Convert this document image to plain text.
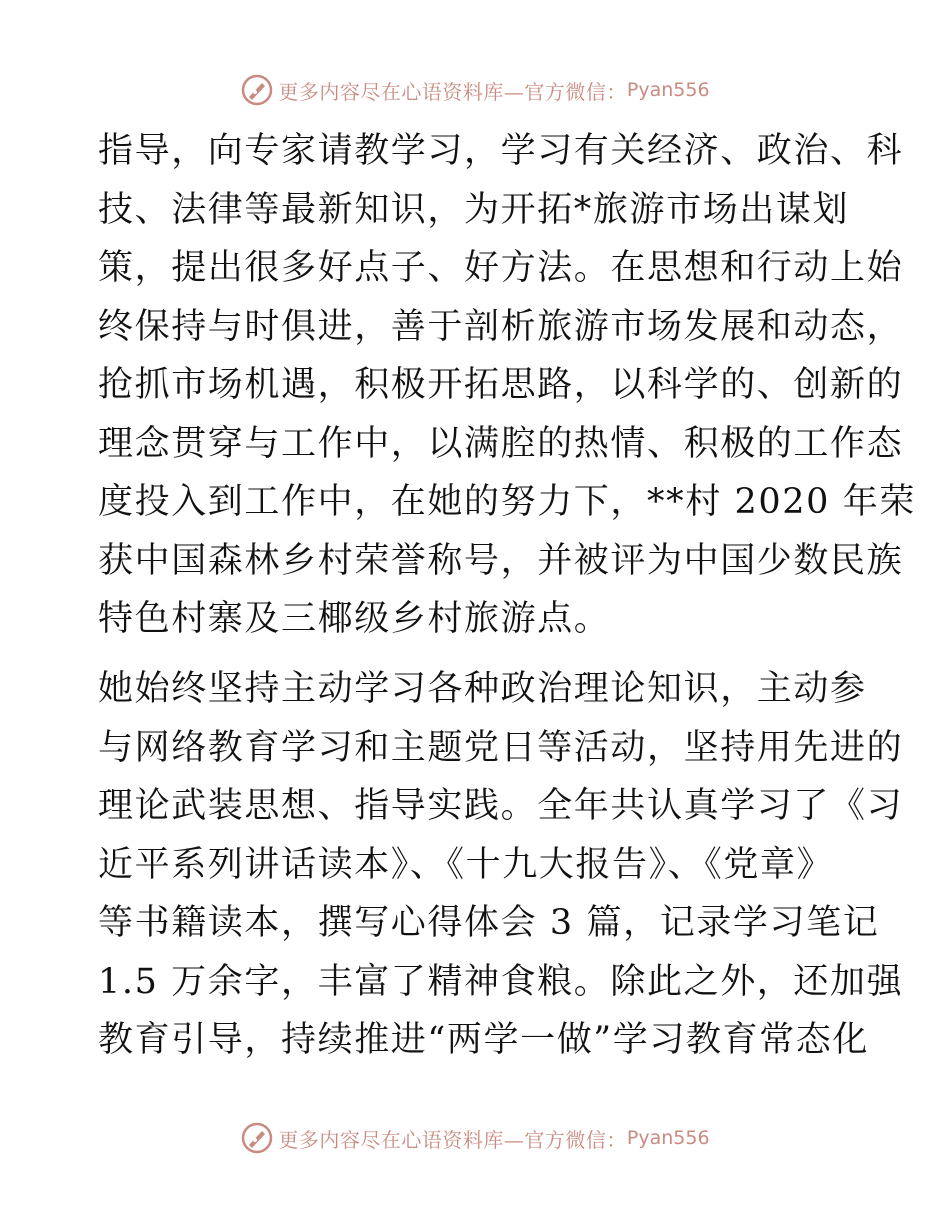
更多内容尽在心语资料库—官方微信： Pyan556
指导，向专家请教学习，学习有关经济、政治、科
技、法律等最新知识，为开拓*旅游市场出谋划
策，提出很多好点子、好方法。在思想和行动上始
终保持与时俱进，善于剖析旅游市场发展和动态，
抢抓市场机遇，积极开拓思路，以科学的、创新的
理念贯穿与工作中，以满腔的热情、积极的工作态
度投入到工作中，在她的努力下，**村 2020 年荣
获中国森林乡村荣誉称号，并被评为中国少数民族
特色村寨及三椰级乡村旅游点。
她始终坚持主动学习各种政治理论知识，主动参
与网络教育学习和主题党日等活动，坚持用先进的
理论武装思想、指导实践。全年共认真学习了《习
近平系列讲话读本》、《十九大报告》、《党章》
等书籍读本，撰写心得体会 3 篇，记录学习笔记
1.5 万余字，丰富了精神食粮。除此之外，还加强
教育引导，持续推进“两学一做”学习教育常态化
更多内容尽在心语资料库—官方微信： Pyan556
